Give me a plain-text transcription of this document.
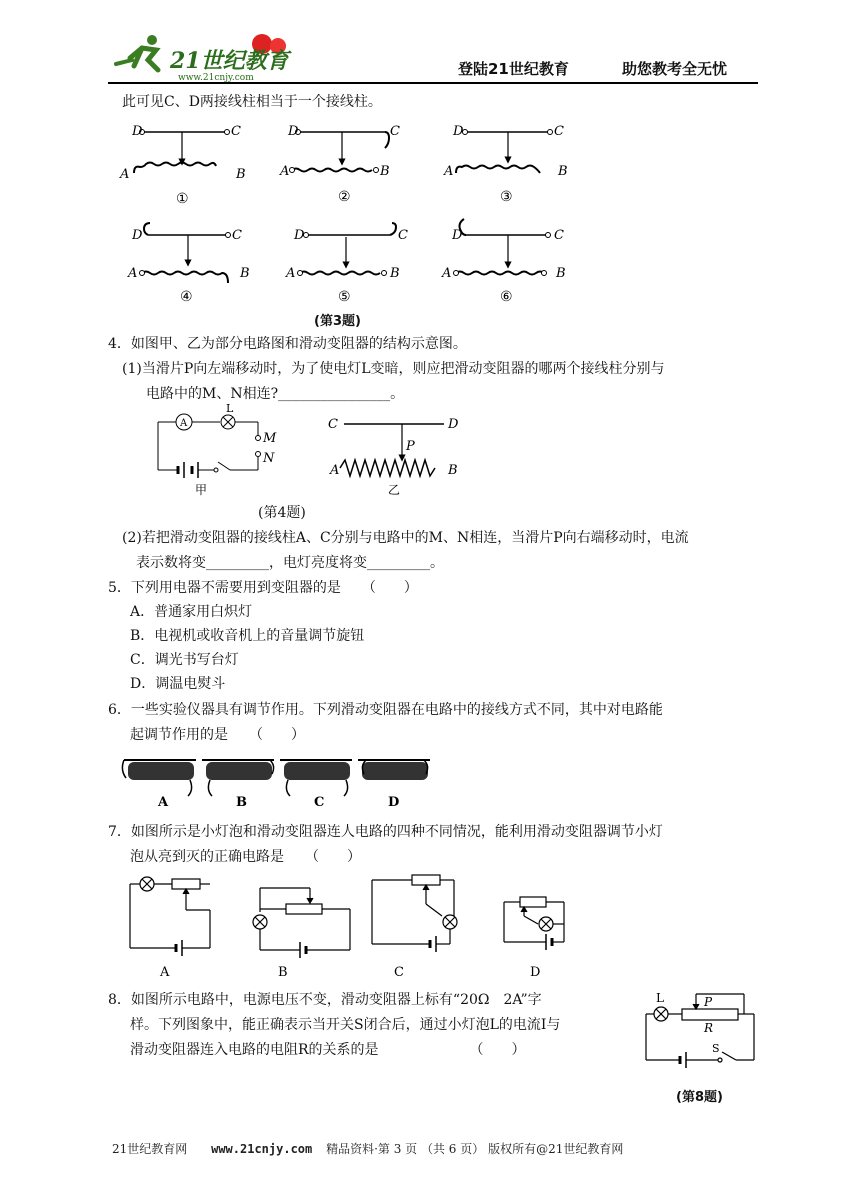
21世纪教育
www.21cnjy.com	登陆21世纪教育	助您教考全无忧
此可见C、D两接线柱相当于一个接线柱。
D	C
A	B
①
D	C
A	B
②
D	C
A	B
③
D	C
A	B
④
D	C
A	B
⑤
D	C
A	B
⑥
(第3题)
4．如图甲、乙为部分电路图和滑动变阻器的结构示意图。
(1)当滑片P向左端移动时，为了使电灯L变暗，则应把滑动变阻器的哪两个接线柱分别与
电路中的M、N相连?________________。
A
L
M
N
甲
C	D
P
A	B
乙
(第4题)
(2)若把滑动变阻器的接线柱A、C分别与电路中的M、N相连，当滑片P向右端移动时，电流
表示数将变_________，电灯亮度将变_________。
5．下列用电器不需要用到变阻器的是　　（　　）
A．普通家用白炽灯
B．电视机或收音机上的音量调节旋钮
C．调光书写台灯
D．调温电熨斗
6．一些实验仪器具有调节作用。下列滑动变阻器在电路中的接线方式不同，其中对电路能
起调节作用的是　　（　　）
A	B	C	D
7．如图所示是小灯泡和滑动变阻器连人电路的四种不同情况，能利用滑动变阻器调节小灯
泡从亮到灭的正确电路是　　（　　）
A	B	C	D
8．如图所示电路中，电源电压不变，滑动变阻器上标有“20Ω　2A”字
样。下列图象中，能正确表示当开关S闭合后，通过小灯泡L的电流I与
滑动变阻器连入电路的电阻R的关系的是　　　　　　　（　　）
L	P
R
S
(第8题)
21世纪教育网 www.21cnjy.com 精品资料·第 3 页 （共 6 页） 版权所有@21世纪教育网
